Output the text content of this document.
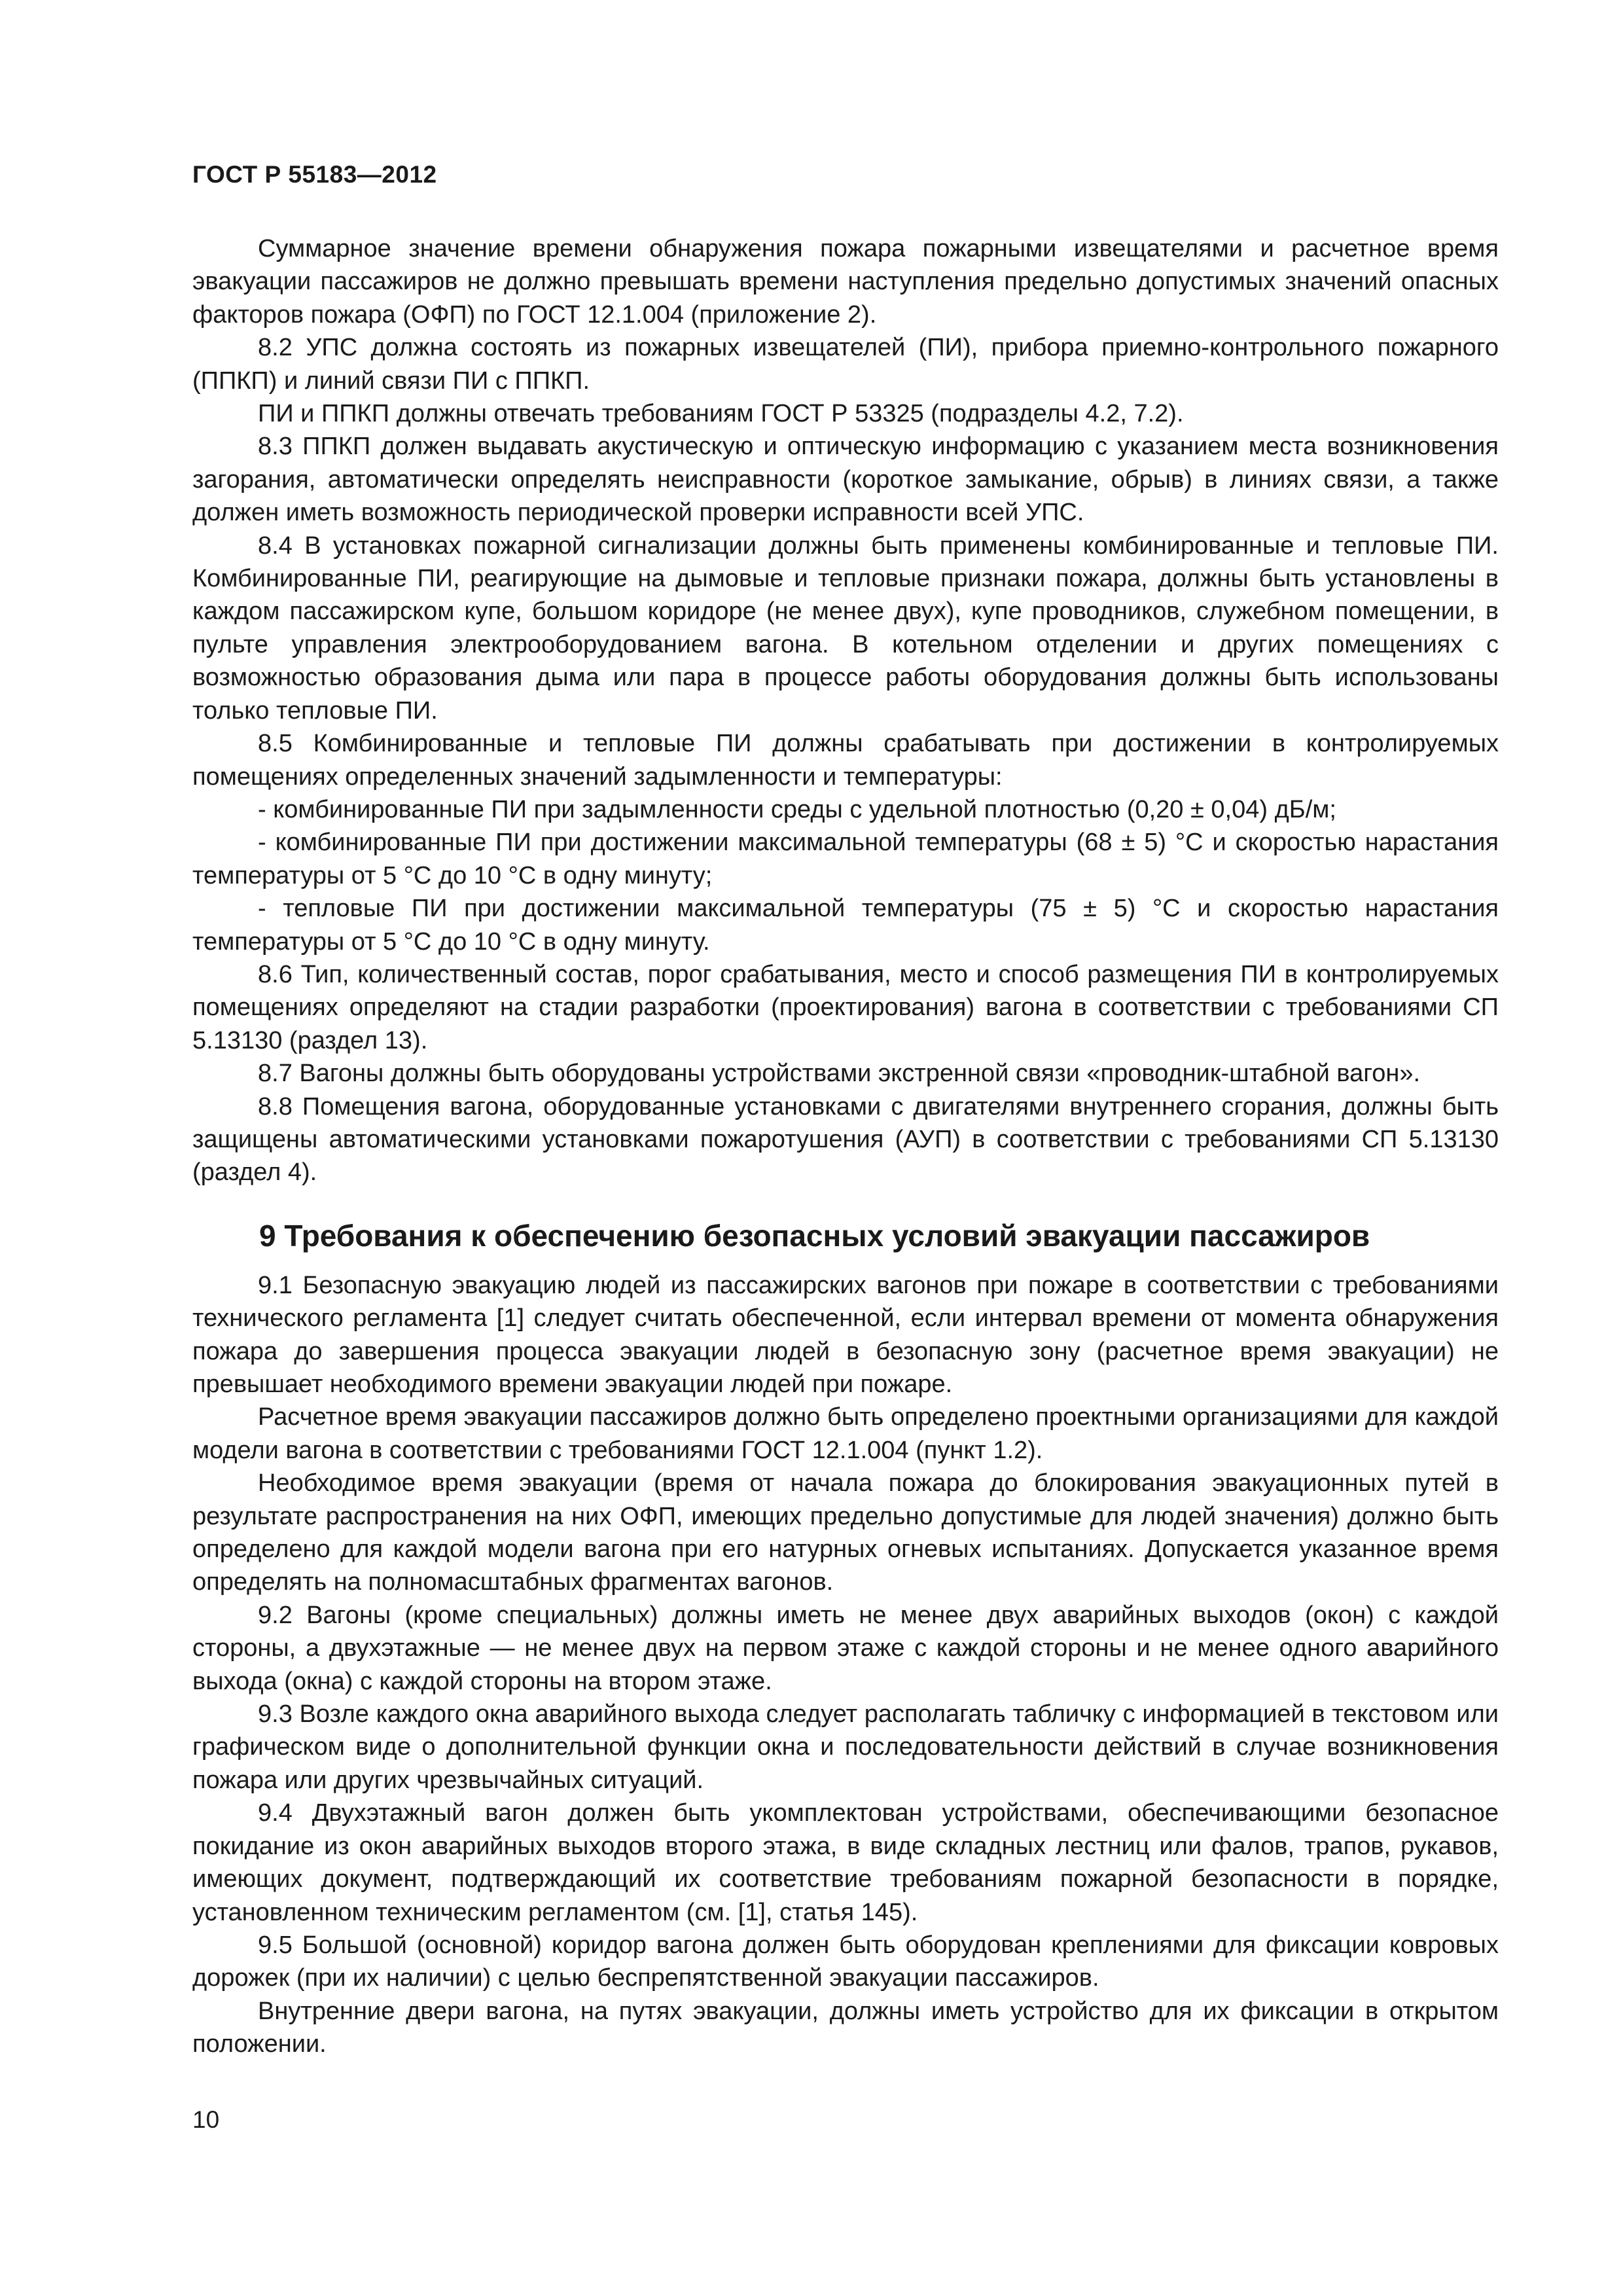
ГОСТ Р 55183—2012

Суммарное значение времени обнаружения пожара пожарными извещателями и расчетное время эвакуации пассажиров не должно превышать времени наступления предельно допустимых значений опасных факторов пожара (ОФП) по ГОСТ 12.1.004 (приложение 2).

8.2 УПС должна состоять из пожарных извещателей (ПИ), прибора приемно-контрольного пожарного (ППКП) и линий связи ПИ с ППКП.

ПИ и ППКП должны отвечать требованиям ГОСТ Р 53325 (подразделы 4.2, 7.2).

8.3 ППКП должен выдавать акустическую и оптическую информацию с указанием места возникновения загорания, автоматически определять неисправности (короткое замыкание, обрыв) в линиях связи, а также должен иметь возможность периодической проверки исправности всей УПС.

8.4 В установках пожарной сигнализации должны быть применены комбинированные и тепловые ПИ. Комбинированные ПИ, реагирующие на дымовые и тепловые признаки пожара, должны быть установлены в каждом пассажирском купе, большом коридоре (не менее двух), купе проводников, служебном помещении, в пульте управления электрооборудованием вагона. В котельном отделении и других помещениях с возможностью образования дыма или пара в процессе работы оборудования должны быть использованы только тепловые ПИ.

8.5 Комбинированные и тепловые ПИ должны срабатывать при достижении в контролируемых помещениях определенных значений задымленности и температуры:

- комбинированные ПИ при задымленности среды с удельной плотностью (0,20 ± 0,04) дБ/м;

- комбинированные ПИ при достижении максимальной температуры (68 ± 5) °С и скоростью нарастания температуры от 5 °С до 10 °С в одну минуту;

- тепловые ПИ при достижении максимальной температуры (75 ± 5) °С и скоростью нарастания температуры от 5 °С до 10 °С в одну минуту.

8.6 Тип, количественный состав, порог срабатывания, место и способ размещения ПИ в контролируемых помещениях определяют на стадии разработки (проектирования) вагона в соответствии с требованиями СП 5.13130 (раздел 13).

8.7 Вагоны должны быть оборудованы устройствами экстренной связи «проводник-штабной вагон».

8.8 Помещения вагона, оборудованные установками с двигателями внутреннего сгорания, должны быть защищены автоматическими установками пожаротушения (АУП) в соответствии с требованиями СП 5.13130 (раздел 4).

9 Требования к обеспечению безопасных условий эвакуации пассажиров

9.1 Безопасную эвакуацию людей из пассажирских вагонов при пожаре в соответствии с требованиями технического регламента [1] следует считать обеспеченной, если интервал времени от момента обнаружения пожара до завершения процесса эвакуации людей в безопасную зону (расчетное время эвакуации) не превышает необходимого времени эвакуации людей при пожаре.

Расчетное время эвакуации пассажиров должно быть определено проектными организациями для каждой модели вагона в соответствии с требованиями ГОСТ 12.1.004 (пункт 1.2).

Необходимое время эвакуации (время от начала пожара до блокирования эвакуационных путей в результате распространения на них ОФП, имеющих предельно допустимые для людей значения) должно быть определено для каждой модели вагона при его натурных огневых испытаниях. Допускается указанное время определять на полномасштабных фрагментах вагонов.

9.2 Вагоны (кроме специальных) должны иметь не менее двух аварийных выходов (окон) с каждой стороны, а двухэтажные — не менее двух на первом этаже с каждой стороны и не менее одного аварийного выхода (окна) с каждой стороны на втором этаже.

9.3 Возле каждого окна аварийного выхода следует располагать табличку с информацией в текстовом или графическом виде о дополнительной функции окна и последовательности действий в случае возникновения пожара или других чрезвычайных ситуаций.

9.4 Двухэтажный вагон должен быть укомплектован устройствами, обеспечивающими безопасное покидание из окон аварийных выходов второго этажа, в виде складных лестниц или фалов, трапов, рукавов, имеющих документ, подтверждающий их соответствие требованиям пожарной безопасности в порядке, установленном техническим регламентом (см. [1], статья 145).

9.5 Большой (основной) коридор вагона должен быть оборудован креплениями для фиксации ковровых дорожек (при их наличии) с целью беспрепятственной эвакуации пассажиров.

Внутренние двери вагона, на путях эвакуации, должны иметь устройство для их фиксации в открытом положении.

10
